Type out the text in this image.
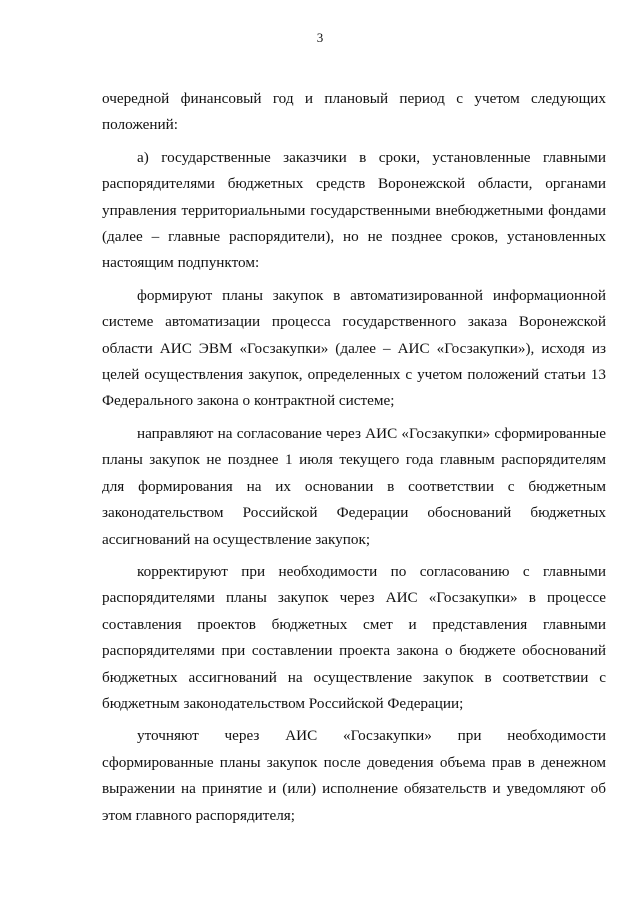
3

очередной финансовый год и плановый период с учетом следующих положений:

а) государственные заказчики в сроки, установленные главными распорядителями бюджетных средств Воронежской области, органами управления территориальными государственными внебюджетными фондами (далее – главные распорядители), но не позднее сроков, установленных настоящим подпунктом:

формируют планы закупок в автоматизированной информационной системе автоматизации процесса государственного заказа Воронежской области АИС ЭВМ «Госзакупки» (далее – АИС «Госзакупки»), исходя из целей осуществления закупок, определенных с учетом положений статьи 13 Федерального закона о контрактной системе;

направляют на согласование через АИС «Госзакупки» сформированные планы закупок не позднее 1 июля текущего года главным распорядителям для формирования на их основании в соответствии с бюджетным законодательством Российской Федерации обоснований бюджетных ассигнований на осуществление закупок;

корректируют при необходимости по согласованию с главными распорядителями планы закупок через АИС «Госзакупки» в процессе составления проектов бюджетных смет и представления главными распорядителями при составлении проекта закона о бюджете обоснований бюджетных ассигнований на осуществление закупок в соответствии с бюджетным законодательством Российской Федерации;

уточняют через АИС «Госзакупки» при необходимости сформированные планы закупок после доведения объема прав в денежном выражении на принятие и (или) исполнение обязательств и уведомляют об этом главного распорядителя;
